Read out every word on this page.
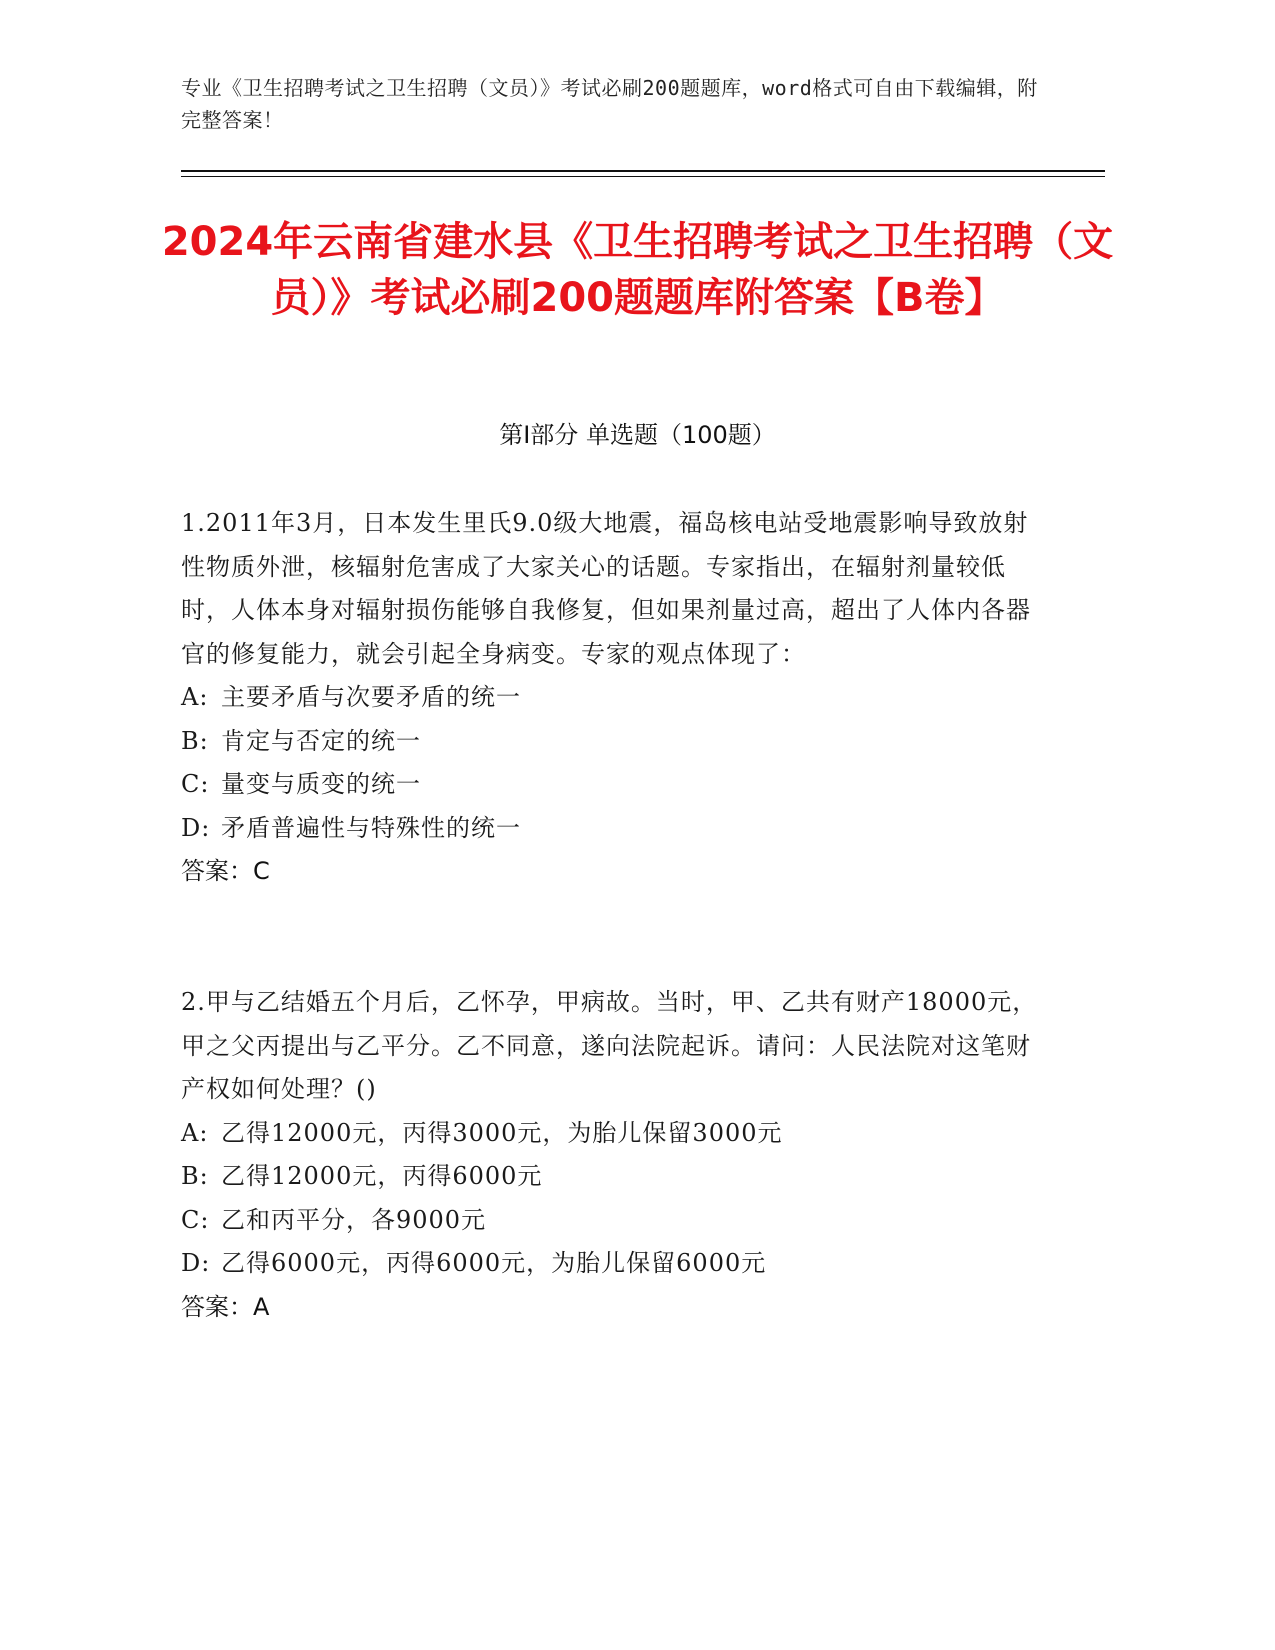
专业《卫生招聘考试之卫生招聘（文员）》考试必刷200题题库，word格式可自由下载编辑，附完整答案！
2024年云南省建水县《卫生招聘考试之卫生招聘（文员）》考试必刷200题题库附答案【B卷】
第Ⅰ部分 单选题（100题）
1.2011年3月，日本发生里氏9.0级大地震，福岛核电站受地震影响导致放射性物质外泄，核辐射危害成了大家关心的话题。专家指出，在辐射剂量较低时，人体本身对辐射损伤能够自我修复，但如果剂量过高，超出了人体内各器官的修复能力，就会引起全身病变。专家的观点体现了：
A: 主要矛盾与次要矛盾的统一
B: 肯定与否定的统一
C: 量变与质变的统一
D: 矛盾普遍性与特殊性的统一
答案：C
2.甲与乙结婚五个月后，乙怀孕，甲病故。当时，甲、乙共有财产18000元，甲之父丙提出与乙平分。乙不同意，遂向法院起诉。请问：人民法院对这笔财产权如何处理？()
A: 乙得12000元，丙得3000元，为胎儿保留3000元
B: 乙得12000元，丙得6000元
C: 乙和丙平分，各9000元
D: 乙得6000元，丙得6000元，为胎儿保留6000元
答案：A
